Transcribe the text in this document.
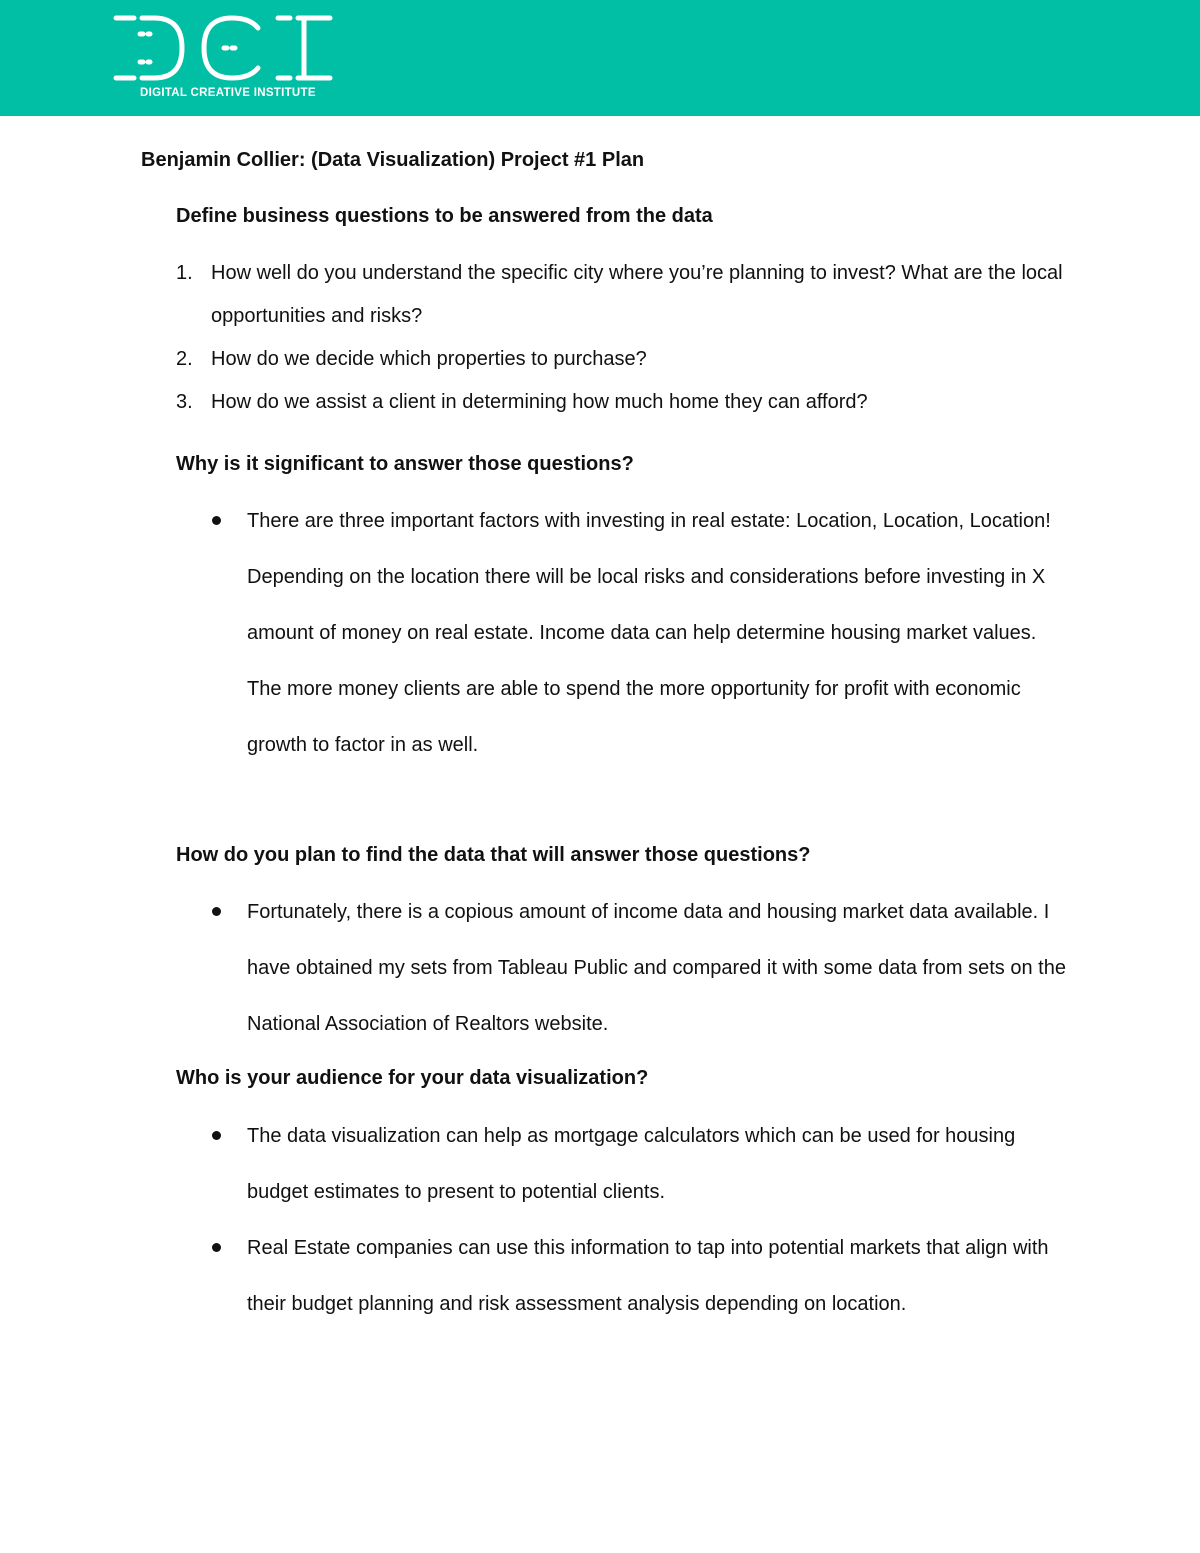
DIGITAL CREATIVE INSTITUTE
Benjamin Collier: (Data Visualization) Project #1 Plan
Define business questions to be answered from the data
1. How well do you understand the specific city where you’re planning to invest? What are the local opportunities and risks?
2. How do we decide which properties to purchase?
3. How do we assist a client in determining how much home they can afford?
Why is it significant to answer those questions?

There are three important factors with investing in real estate: Location, Location, Location! Depending on the location there will be local risks and considerations before investing in X amount of money on real estate. Income data can help determine housing market values. The more money clients are able to spend the more opportunity for profit with economic growth to factor in as well.

How do you plan to find the data that will answer those questions?

Fortunately, there is a copious amount of income data and housing market data available. I have obtained my sets from Tableau Public and compared it with some data from sets on the National Association of Realtors website.

Who is your audience for your data visualization?

The data visualization can help as mortgage calculators which can be used for housing budget estimates to present to potential clients.

Real Estate companies can use this information to tap into potential markets that align with their budget planning and risk assessment analysis depending on location.
